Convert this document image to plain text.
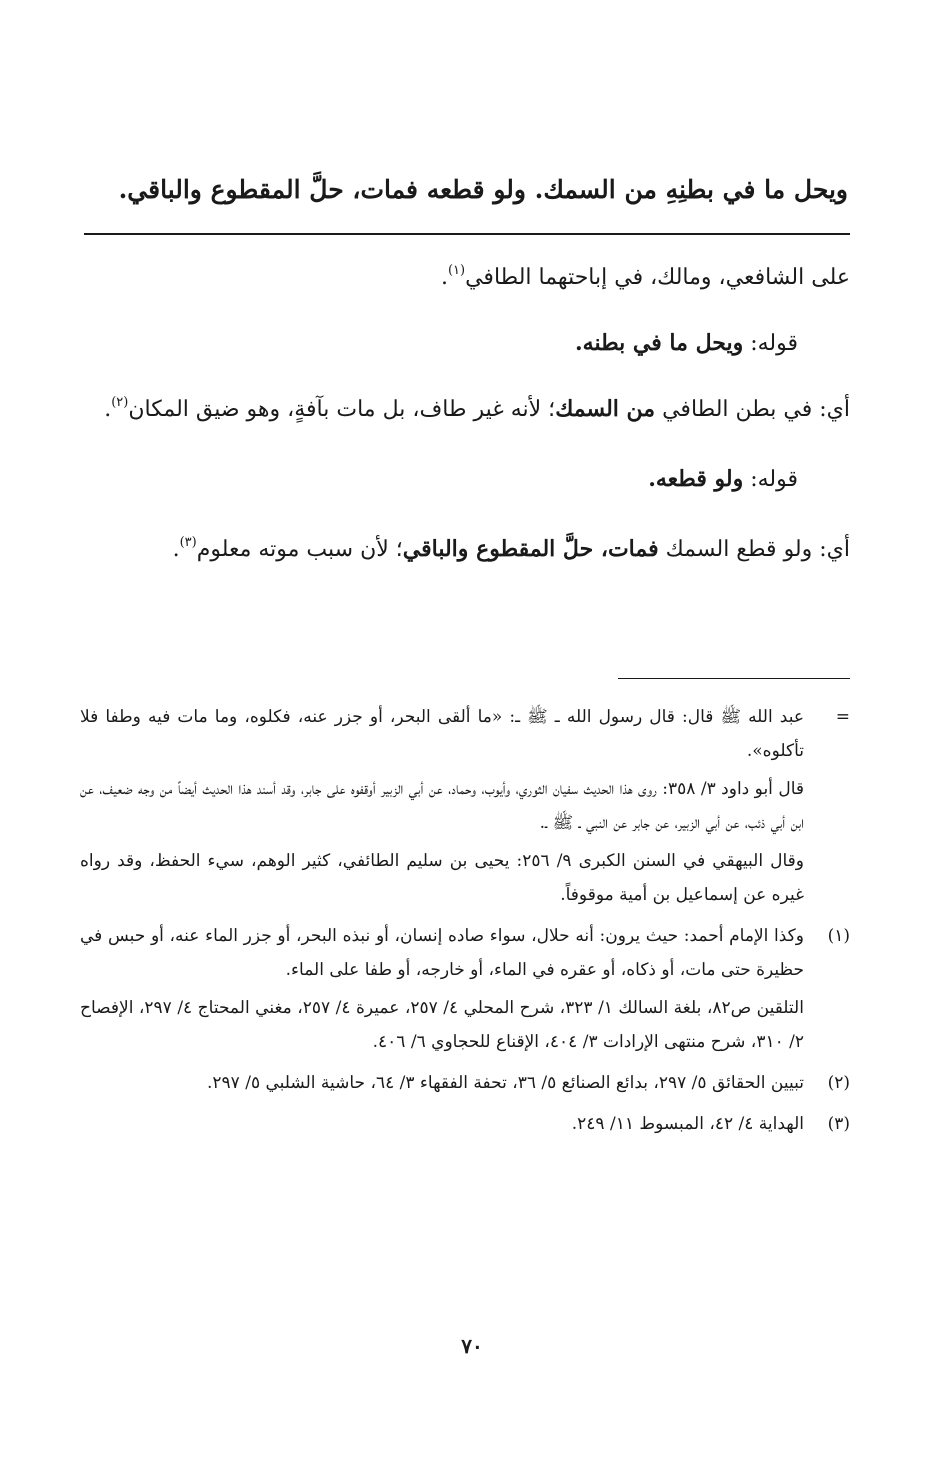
ويحل ما في بطنِهِ من السمك. ولو قطعه فمات، حلَّ المقطوع والباقي.

على الشافعي، ومالك، في إباحتهما الطافي$^{(١)}$.

قوله: ويحل ما في بطنه.

أي: في بطن الطافي من السمك؛ لأنه غير طاف، بل مات بآفةٍ، وهو ضيق المكان$^{(٢)}$.

قوله: ولو قطعه.

أي: ولو قطع السمك فمات، حلَّ المقطوع والباقي؛ لأن سبب موته معلوم$^{(٣)}$.

=

عبد الله ﷺ قال: قال رسول الله ـ ﷺ ـ: «ما ألقى البحر، أو جزر عنه، فكلوه، وما مات فيه وطفا فلا تأكلوه».

قال أبو داود ٣/ ٣٥٨: روى هذا الحديث سفيان الثوري، وأيوب، وحماد، عن أبي الزبير أوقفوه على جابر، وقد أسند هذا الحديث أيضاً من وجه ضعيف، عن ابن أبي ذئب، عن أبي الزبير، عن جابر عن النبي ـ ﷺ ـ.

وقال البيهقي في السنن الكبرى ٩/ ٢٥٦: يحيى بن سليم الطائفي، كثير الوهم، سيء الحفظ، وقد رواه غيره عن إسماعيل بن أمية موقوفاً.

(١)

وكذا الإمام أحمد: حيث يرون: أنه حلال، سواء صاده إنسان، أو نبذه البحر، أو جزر الماء عنه، أو حبس في حظيرة حتى مات، أو ذكاه، أو عقره في الماء، أو خارجه، أو طفا على الماء.

التلقين ص٨٢، بلغة السالك ١/ ٣٢٣، شرح المحلي ٤/ ٢٥٧، عميرة ٤/ ٢٥٧، مغني المحتاج ٤/ ٢٩٧، الإفصاح ٢/ ٣١٠، شرح منتهى الإرادات ٣/ ٤٠٤، الإقناع للحجاوي ٦/ ٤٠٦.

(٢)

تبيين الحقائق ٥/ ٢٩٧، بدائع الصنائع ٥/ ٣٦، تحفة الفقهاء ٣/ ٦٤، حاشية الشلبي ٥/ ٢٩٧.

(٣)

الهداية ٤/ ٤٢، المبسوط ١١/ ٢٤٩.

٧٠
